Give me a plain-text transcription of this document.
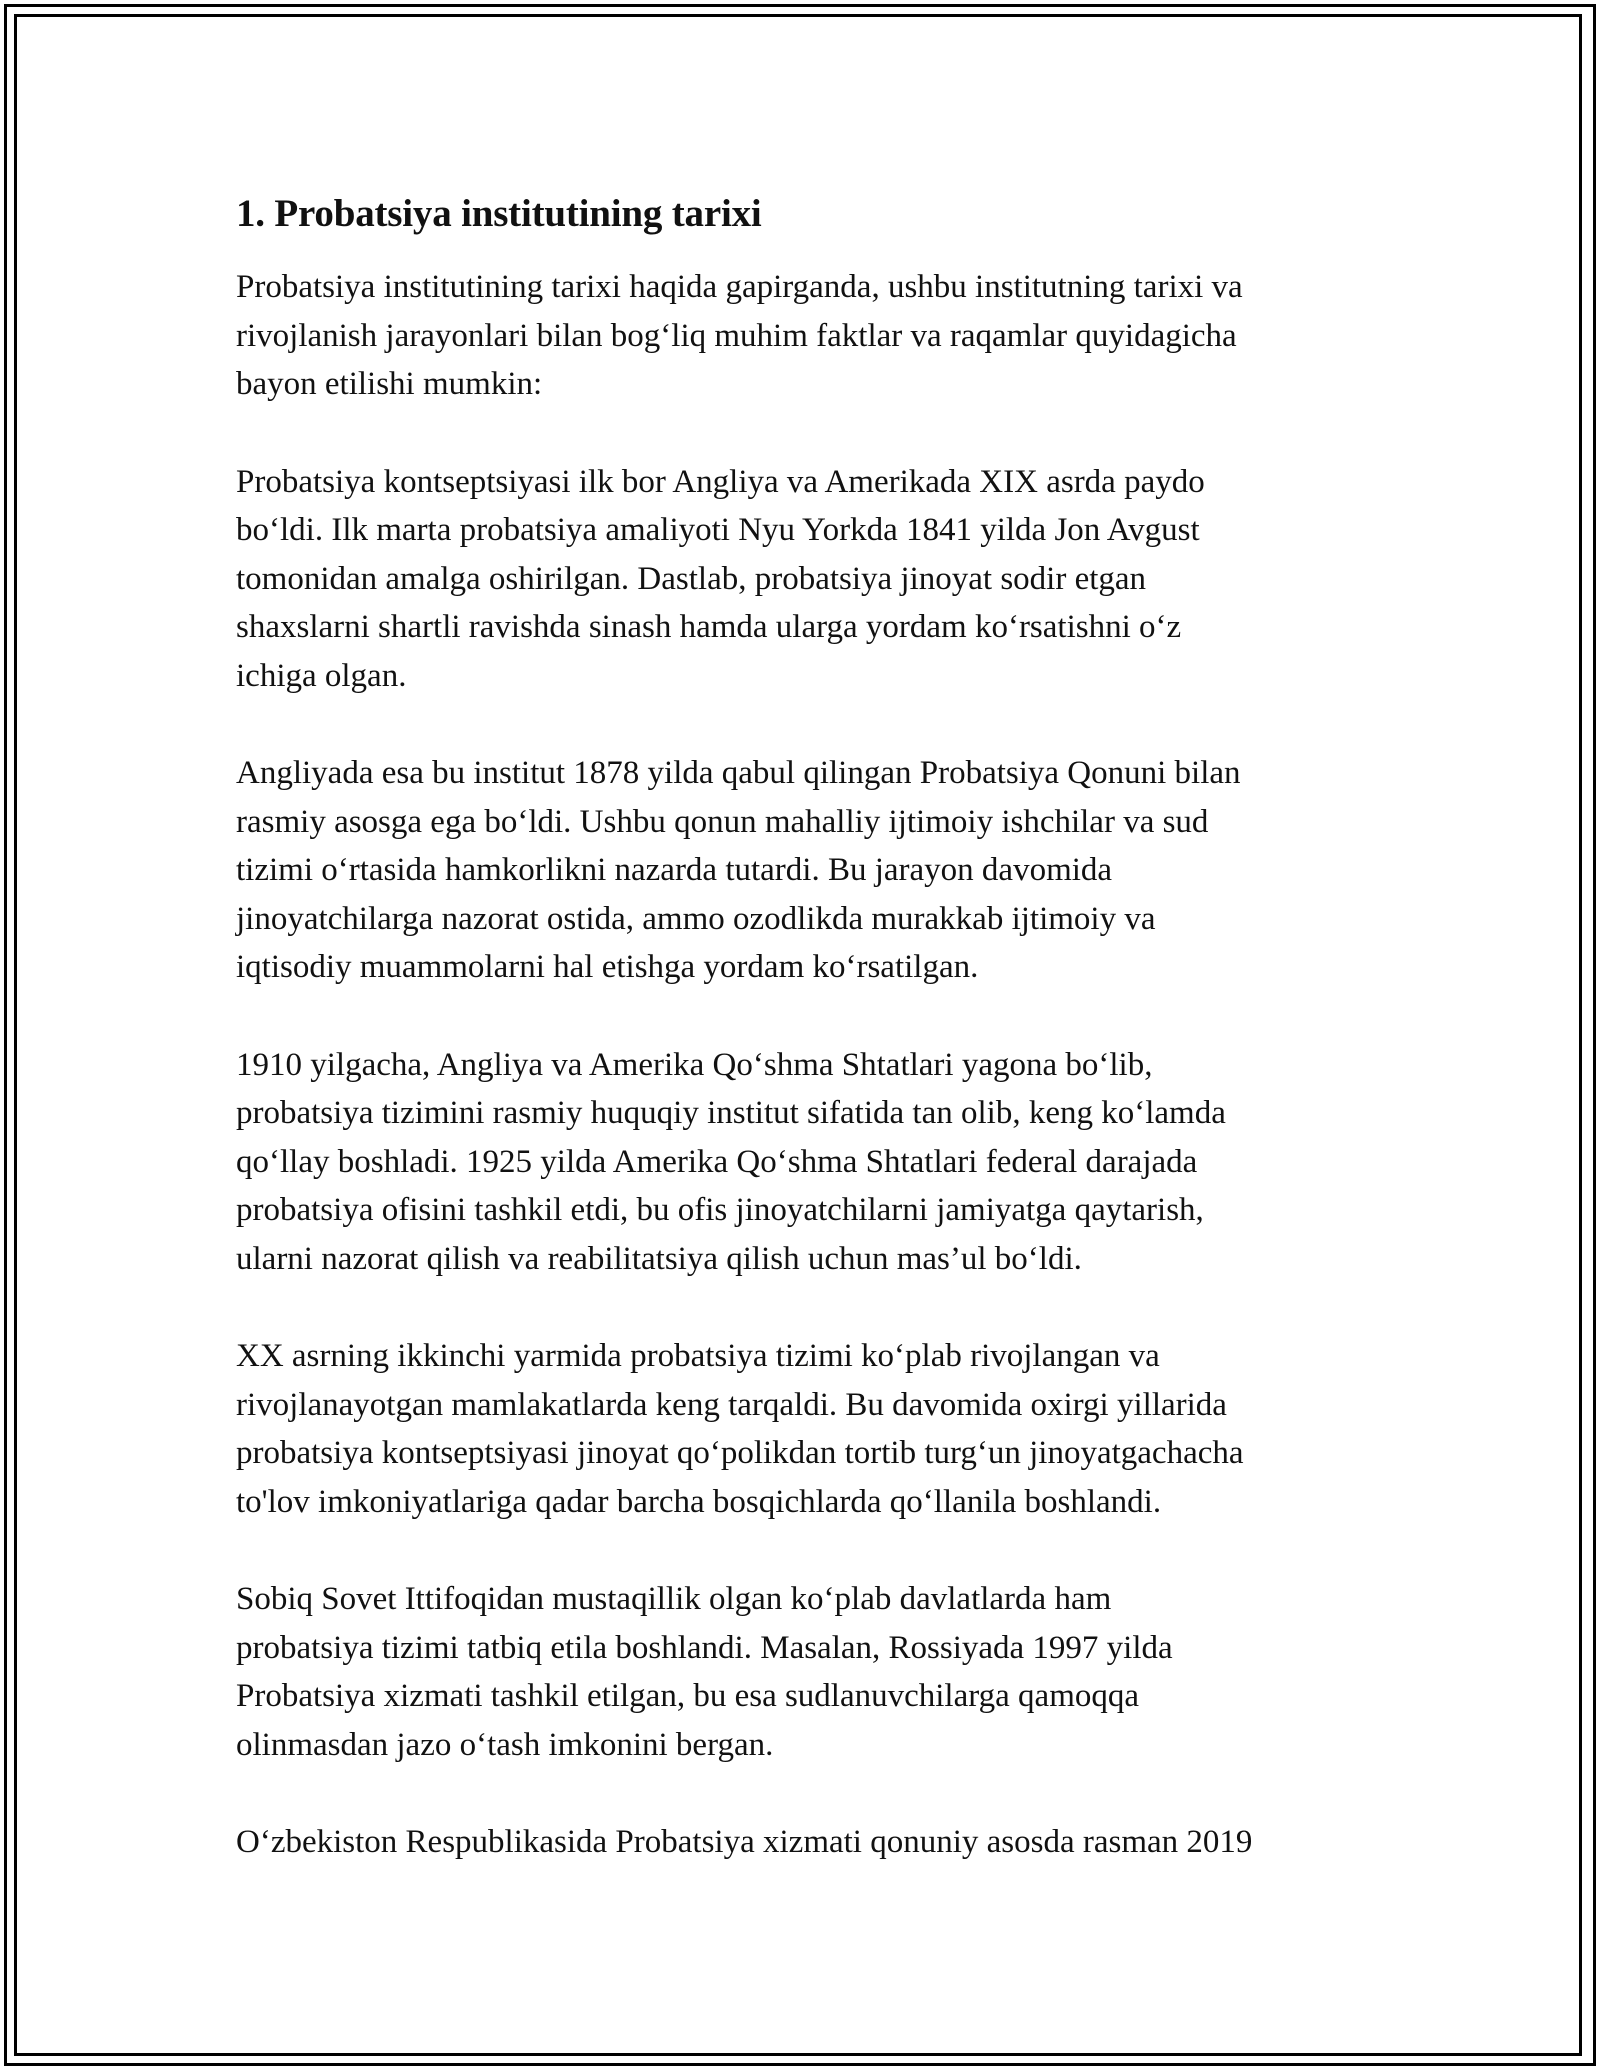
1. Probatsiya institutining tarixi

Probatsiya institutining tarixi haqida gapirganda, ushbu institutning tarixi va
rivojlanish jarayonlari bilan bog‘liq muhim faktlar va raqamlar quyidagicha
bayon etilishi mumkin:

Probatsiya kontseptsiyasi ilk bor Angliya va Amerikada XIX asrda paydo
bo‘ldi. Ilk marta probatsiya amaliyoti Nyu Yorkda 1841 yilda Jon Avgust
tomonidan amalga oshirilgan. Dastlab, probatsiya jinoyat sodir etgan
shaxslarni shartli ravishda sinash hamda ularga yordam ko‘rsatishni o‘z
ichiga olgan.

Angliyada esa bu institut 1878 yilda qabul qilingan Probatsiya Qonuni bilan
rasmiy asosga ega bo‘ldi. Ushbu qonun mahalliy ijtimoiy ishchilar va sud
tizimi o‘rtasida hamkorlikni nazarda tutardi. Bu jarayon davomida
jinoyatchilarga nazorat ostida, ammo ozodlikda murakkab ijtimoiy va
iqtisodiy muammolarni hal etishga yordam ko‘rsatilgan.

1910 yilgacha, Angliya va Amerika Qo‘shma Shtatlari yagona bo‘lib,
probatsiya tizimini rasmiy huquqiy institut sifatida tan olib, keng ko‘lamda
qo‘llay boshladi. 1925 yilda Amerika Qo‘shma Shtatlari federal darajada
probatsiya ofisini tashkil etdi, bu ofis jinoyatchilarni jamiyatga qaytarish,
ularni nazorat qilish va reabilitatsiya qilish uchun mas’ul bo‘ldi.

XX asrning ikkinchi yarmida probatsiya tizimi ko‘plab rivojlangan va
rivojlanayotgan mamlakatlarda keng tarqaldi. Bu davomida oxirgi yillarida
probatsiya kontseptsiyasi jinoyat qo‘polikdan tortib turg‘un jinoyatgachacha
to'lov imkoniyatlariga qadar barcha bosqichlarda qo‘llanila boshlandi.

Sobiq Sovet Ittifoqidan mustaqillik olgan ko‘plab davlatlarda ham
probatsiya tizimi tatbiq etila boshlandi. Masalan, Rossiyada 1997 yilda
Probatsiya xizmati tashkil etilgan, bu esa sudlanuvchilarga qamoqqa
olinmasdan jazo o‘tash imkonini bergan.

O‘zbekiston Respublikasida Probatsiya xizmati qonuniy asosda rasman 2019
